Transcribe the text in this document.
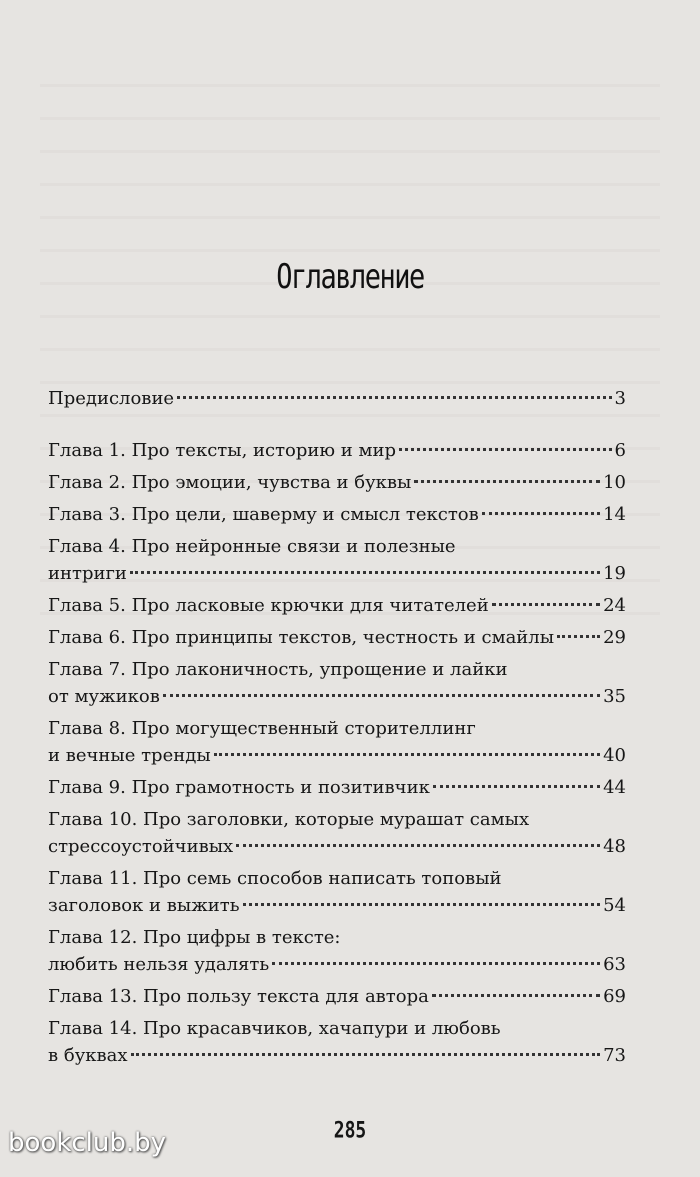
Оглавление
Предисловие	3
Глава 1. Про тексты, историю и мир	6
Глава 2. Про эмоции, чувства и буквы	10
Глава 3. Про цели, шаверму и смысл текстов	14
Глава 4. Про нейронные связи и полезные
интриги	19
Глава 5. Про ласковые крючки для читателей	24
Глава 6. Про принципы текстов, честность и смайлы	29
Глава 7. Про лаконичность, упрощение и лайки
от мужиков	35
Глава 8. Про могущественный сторителлинг
и вечные тренды	40
Глава 9. Про грамотность и позитивчик	44
Глава 10. Про заголовки, которые мурашат самых
стрессоустойчивых	48
Глава 11. Про семь способов написать топовый
заголовок и выжить	54
Глава 12. Про цифры в тексте:
любить нельзя удалять	63
Глава 13. Про пользу текста для автора	69
Глава 14. Про красавчиков, хачапури и любовь
в буквах	73
285
bookclub.by
